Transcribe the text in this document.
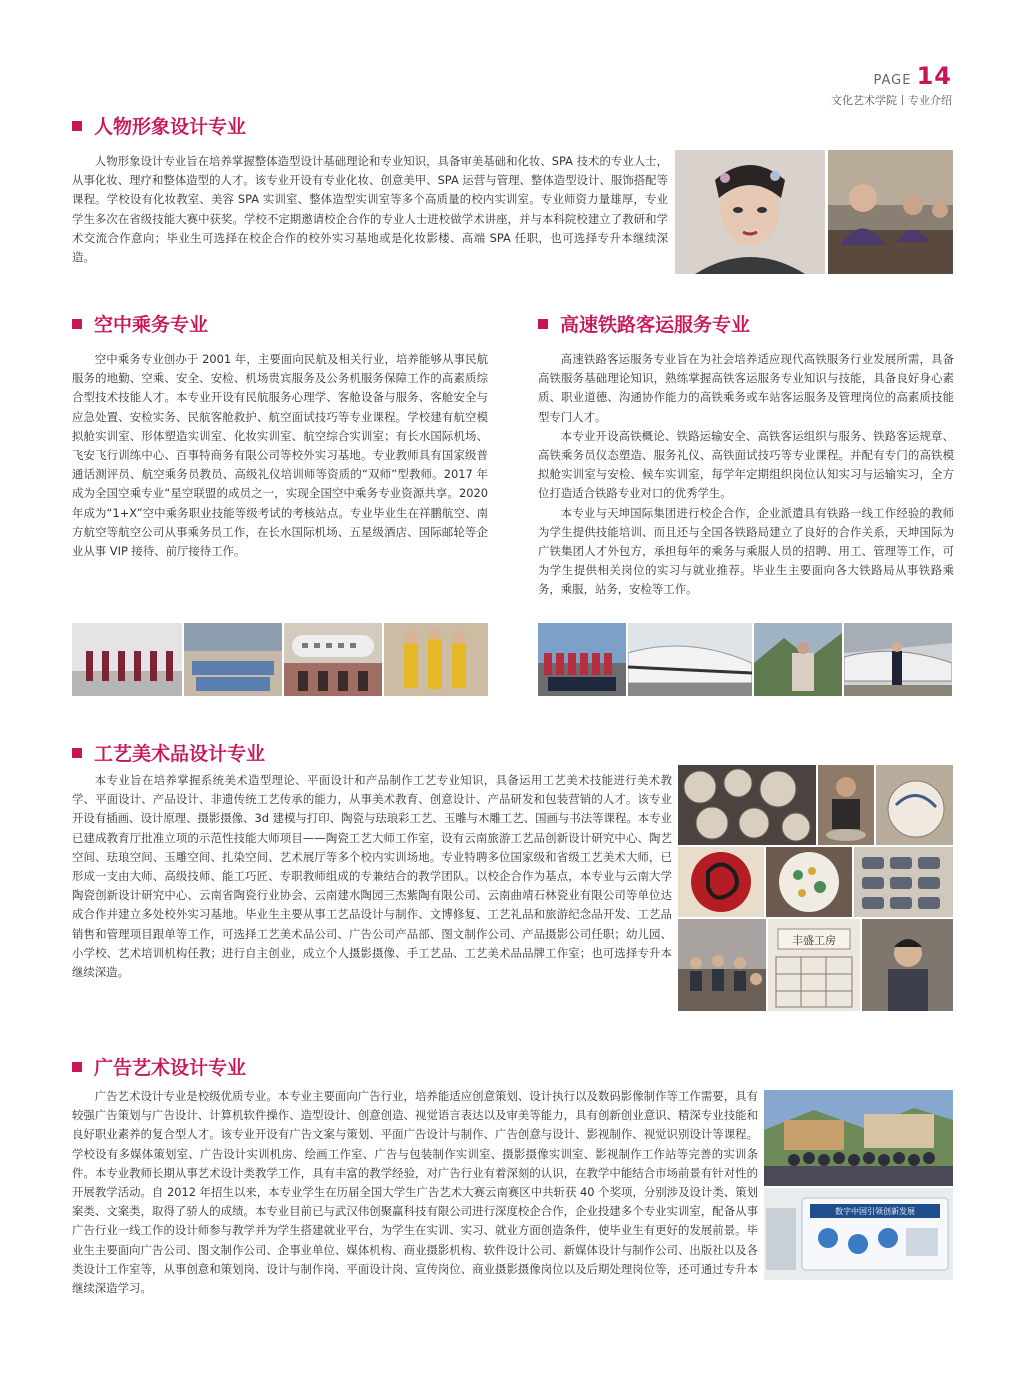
PAGE 14
文化艺术学院丨专业介绍
人物形象设计专业

人物形象设计专业旨在培养掌握整体造型设计基础理论和专业知识，具备审美基础和化妆、SPA 技术的专业人士，从事化妆、理疗和整体造型的人才。该专业开设有专业化妆、创意美甲、SPA 运营与管理、整体造型设计、服饰搭配等课程。学校设有化妆教室、美容 SPA 实训室、整体造型实训室等多个高质量的校内实训室。专业师资力量雄厚，专业学生多次在省级技能大赛中获奖。学校不定期邀请校企合作的专业人士进校做学术讲座，并与本科院校建立了教研和学术交流合作意向；毕业生可选择在校企合作的校外实习基地或是化妆影楼、高端 SPA 任职，也可选择专升本继续深造。

空中乘务专业

空中乘务专业创办于 2001 年，主要面向民航及相关行业，培养能够从事民航服务的地勤、空乘、安全、安检、机场贵宾服务及公务机服务保障工作的高素质综合型技术技能人才。本专业开设有民航服务心理学、客舱设备与服务、客舱安全与应急处置、安检实务、民航客舱救护、航空面试技巧等专业课程。学校建有航空模拟舱实训室、形体塑造实训室、化妆实训室、航空综合实训室；有长水国际机场、飞安飞行训练中心、百事特商务有限公司等校外实习基地。专业教师具有国家级普通话测评员、航空乘务员教员、高级礼仪培训师等资质的“双师”型教师。2017 年成为全国空乘专业“星空联盟的成员之一，实现全国空中乘务专业资源共享。2020 年成为“1+X”空中乘务职业技能等级考试的考核站点。专业毕业生在祥鹏航空、南方航空等航空公司从事乘务员工作，在长水国际机场、五星级酒店、国际邮轮等企业从事 VIP 接待、前厅接待工作。

高速铁路客运服务专业

高速铁路客运服务专业旨在为社会培养适应现代高铁服务行业发展所需，具备高铁服务基础理论知识，熟练掌握高铁客运服务专业知识与技能，具备良好身心素质、职业道德、沟通协作能力的高铁乘务或车站客运服务及管理岗位的高素质技能型专门人才。

本专业开设高铁概论、铁路运输安全、高铁客运组织与服务、铁路客运规章、高铁乘务员仪态塑造、服务礼仪、高铁面试技巧等专业课程。并配有专门的高铁模拟舱实训室与安检、候车实训室，每学年定期组织岗位认知实习与运输实习，全方位打造适合铁路专业对口的优秀学生。

本专业与天坤国际集团进行校企合作，企业派遣具有铁路一线工作经验的教师为学生提供技能培训、而且还与全国各铁路局建立了良好的合作关系，天坤国际为广铁集团人才外包方，承担每年的乘务与乘服人员的招聘、用工、管理等工作，可为学生提供相关岗位的实习与就业推荐。毕业生主要面向各大铁路局从事铁路乘务，乘服，站务，安检等工作。

工艺美术品设计专业

本专业旨在培养掌握系统美术造型理论、平面设计和产品制作工艺专业知识，具备运用工艺美术技能进行美术教学、平面设计、产品设计、非遗传统工艺传承的能力，从事美术教育、创意设计、产品研发和包装营销的人才。该专业开设有插画、设计原理、摄影摄像、3d 建模与打印、陶瓷与珐琅彩工艺、玉雕与木雕工艺、国画与书法等课程。本专业已建成教育厅批准立项的示范性技能大师项目——陶瓷工艺大师工作室，设有云南旅游工艺品创新设计研究中心、陶艺空间、珐琅空间、玉雕空间、扎染空间、艺术展厅等多个校内实训场地。专业特聘多位国家级和省级工艺美术大师，已形成一支由大师、高级技师、能工巧匠、专职教师组成的专兼结合的教学团队。以校企合作为基点，本专业与云南大学陶瓷创新设计研究中心、云南省陶瓷行业协会、云南建水陶园三杰紫陶有限公司、云南曲靖石林瓷业有限公司等单位达成合作并建立多处校外实习基地。毕业生主要从事工艺品设计与制作、文博修复、工艺礼品和旅游纪念品开发、工艺品销售和管理项目跟单等工作，可选择工艺美术品公司、广告公司产品部、图文制作公司、产品摄影公司任职；幼儿园、小学校、艺术培训机构任教；进行自主创业，成立个人摄影摄像、手工艺品、工艺美术品品牌工作室；也可选择专升本继续深造。

丰盛工房
广告艺术设计专业

广告艺术设计专业是校级优质专业。本专业主要面向广告行业，培养能适应创意策划、设计执行以及数码影像制作等工作需要，具有较强广告策划与广告设计、计算机软件操作、造型设计、创意创造、视觉语言表达以及审美等能力，具有创新创业意识、精深专业技能和良好职业素养的复合型人才。该专业开设有广告文案与策划、平面广告设计与制作、广告创意与设计、影视制作、视觉识别设计等课程。学校设有多媒体策划室、广告设计实训机房、绘画工作室、广告与包装制作实训室、摄影摄像实训室、影视制作工作站等完善的实训条件。本专业教师长期从事艺术设计类教学工作，具有丰富的教学经验，对广告行业有着深刻的认识，在教学中能结合市场前景有针对性的开展教学活动。自 2012 年招生以来，本专业学生在历届全国大学生广告艺术大赛云南赛区中共斩获 40 个奖项，分别涉及设计类、策划案类、文案类，取得了骄人的成绩。本专业目前已与武汉伟创聚赢科技有限公司进行深度校企合作，企业投建多个专业实训室，配备从事广告行业一线工作的设计师参与教学并为学生搭建就业平台，为学生在实训、实习、就业方面创造条件，使毕业生有更好的发展前景。毕业生主要面向广告公司、图文制作公司、企事业单位、媒体机构、商业摄影机构、软件设计公司、新媒体设计与制作公司、出版社以及各类设计工作室等，从事创意和策划岗、设计与制作岗、平面设计岗、宣传岗位、商业摄影摄像岗位以及后期处理岗位等，还可通过专升本继续深造学习。

数字中国引领创新发展
